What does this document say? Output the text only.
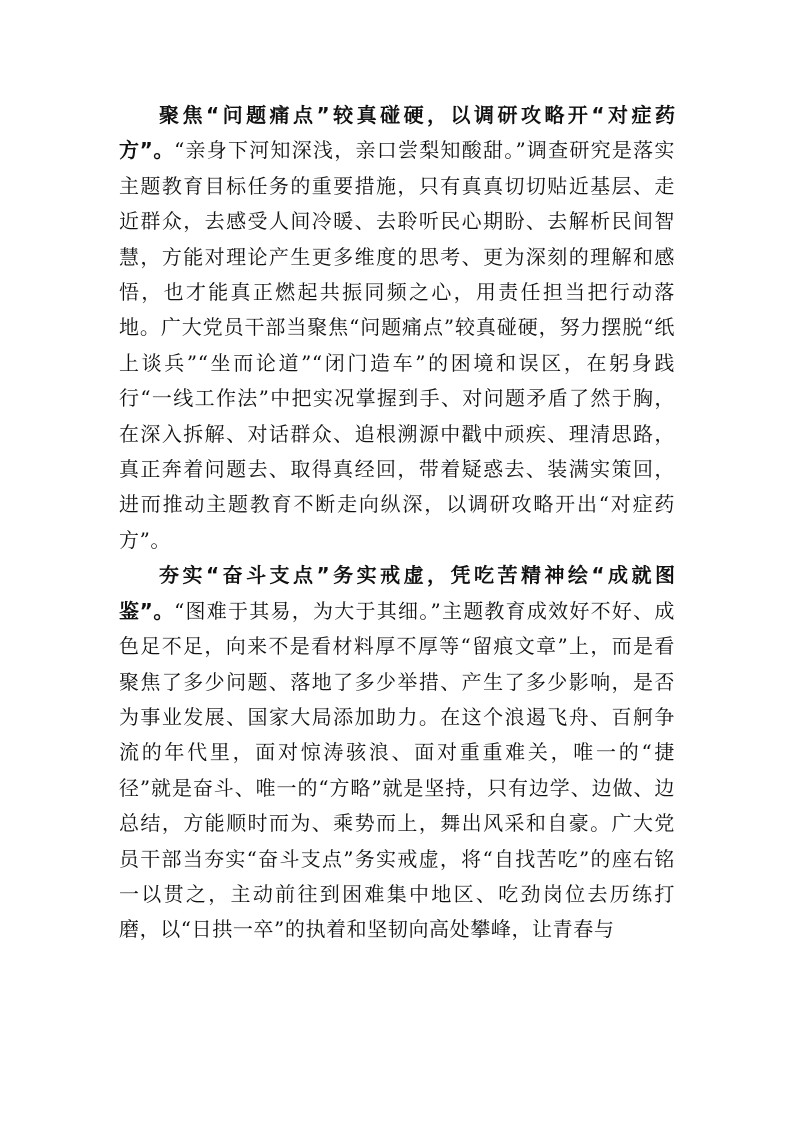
聚焦“问题痛点”较真碰硬，以调研攻略开“对症药方”。“亲身下河知深浅，亲口尝梨知酸甜。”调查研究是落实主题教育目标任务的重要措施，只有真真切切贴近基层、走近群众，去感受人间冷暖、去聆听民心期盼、去解析民间智慧，方能对理论产生更多维度的思考、更为深刻的理解和感悟，也才能真正燃起共振同频之心，用责任担当把行动落地。广大党员干部当聚焦“问题痛点”较真碰硬，努力摆脱“纸上谈兵”“坐而论道”“闭门造车”的困境和误区，在躬身践行“一线工作法”中把实况掌握到手、对问题矛盾了然于胸，在深入拆解、对话群众、追根溯源中戳中顽疾、理清思路，真正奔着问题去、取得真经回，带着疑惑去、装满实策回，进而推动主题教育不断走向纵深，以调研攻略开出“对症药方”。

夯实“奋斗支点”务实戒虚，凭吃苦精神绘“成就图鉴”。“图难于其易，为大于其细。”主题教育成效好不好、成色足不足，向来不是看材料厚不厚等“留痕文章”上，而是看聚焦了多少问题、落地了多少举措、产生了多少影响，是否为事业发展、国家大局添加助力。在这个浪遏飞舟、百舸争流的年代里，面对惊涛骇浪、面对重重难关，唯一的“捷径”就是奋斗、唯一的“方略”就是坚持，只有边学、边做、边总结，方能顺时而为、乘势而上，舞出风采和自豪。广大党员干部当夯实“奋斗支点”务实戒虚，将“自找苦吃”的座右铭一以贯之，主动前往到困难集中地区、吃劲岗位去历练打磨，以“日拱一卒”的执着和坚韧向高处攀峰，让青春与
